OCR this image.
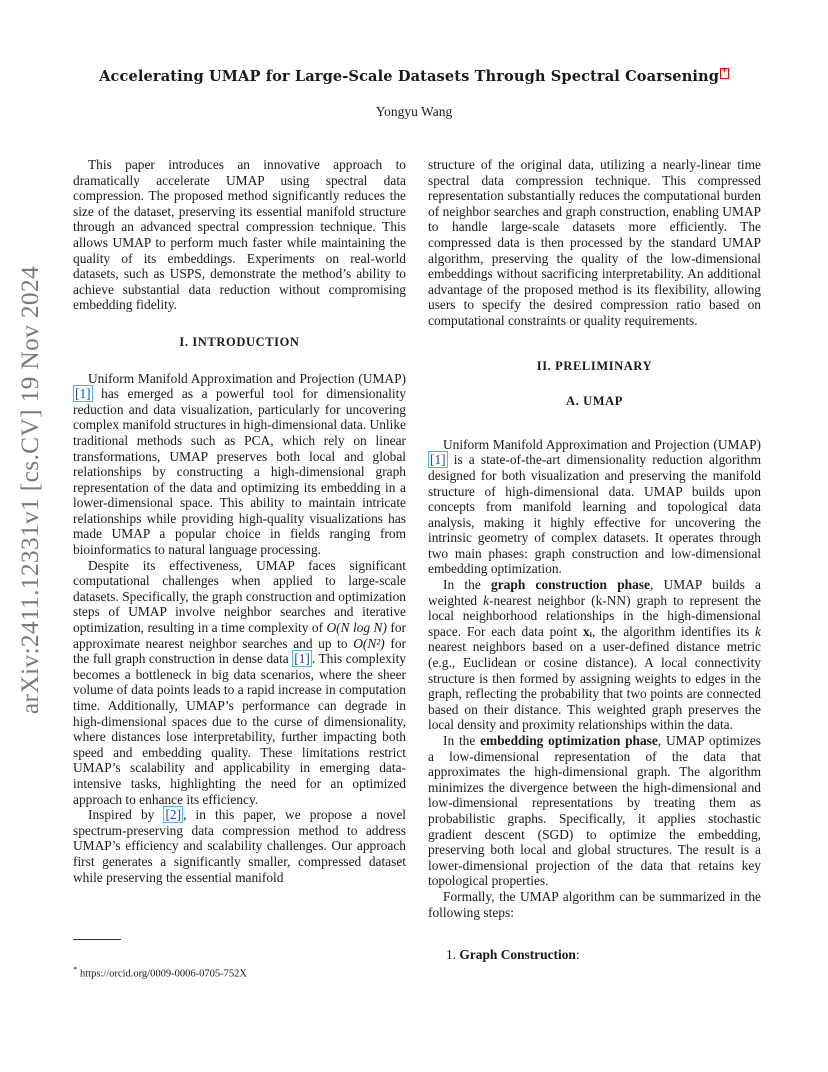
arXiv:2411.12331v1 [cs.CV] 19 Nov 2024
Accelerating UMAP for Large-Scale Datasets Through Spectral Coarsening *
Yongyu Wang

This paper introduces an innovative approach to dramatically accelerate UMAP using spectral data compression. The proposed method significantly reduces the size of the dataset, preserving its essential manifold structure through an advanced spectral compression technique. This allows UMAP to perform much faster while maintaining the quality of its embeddings. Experiments on real-world datasets, such as USPS, demonstrate the method’s ability to achieve substantial data reduction without compromising embedding fidelity.

I. INTRODUCTION

Uniform Manifold Approximation and Projection (UMAP) [1] has emerged as a powerful tool for dimensionality reduction and data visualization, particularly for uncovering complex manifold structures in high-dimensional data. Unlike traditional methods such as PCA, which rely on linear transformations, UMAP preserves both local and global relationships by constructing a high-dimensional graph representation of the data and optimizing its embedding in a lower-dimensional space. This ability to maintain intricate relationships while providing high-quality visualizations has made UMAP a popular choice in fields ranging from bioinformatics to natural language processing.

Despite its effectiveness, UMAP faces significant computational challenges when applied to large-scale datasets. Specifically, the graph construction and optimization steps of UMAP involve neighbor searches and iterative optimization, resulting in a time complexity of O(N log N) for approximate nearest neighbor searches and up to O(N²) for the full graph construction in dense data [1] . This complexity becomes a bottleneck in big data scenarios, where the sheer volume of data points leads to a rapid increase in computation time. Additionally, UMAP’s performance can degrade in high-dimensional spaces due to the curse of dimensionality, where distances lose interpretability, further impacting both speed and embedding quality. These limitations restrict UMAP’s scalability and applicability in emerging data-intensive tasks, highlighting the need for an optimized approach to enhance its efficiency.

Inspired by [2] , in this paper, we propose a novel spectrum-preserving data compression method to address UMAP’s efficiency and scalability challenges. Our approach first generates a significantly smaller, compressed dataset while preserving the essential manifold

structure of the original data, utilizing a nearly-linear time spectral data compression technique. This compressed representation substantially reduces the computational burden of neighbor searches and graph construction, enabling UMAP to handle large-scale datasets more efficiently. The compressed data is then processed by the standard UMAP algorithm, preserving the quality of the low-dimensional embeddings without sacrificing interpretability. An additional advantage of the proposed method is its flexibility, allowing users to specify the desired compression ratio based on computational constraints or quality requirements.

II. PRELIMINARY
A. UMAP

Uniform Manifold Approximation and Projection (UMAP) [1] is a state-of-the-art dimensionality reduction algorithm designed for both visualization and preserving the manifold structure of high-dimensional data. UMAP builds upon concepts from manifold learning and topological data analysis, making it highly effective for uncovering the intrinsic geometry of complex datasets. It operates through two main phases: graph construction and low-dimensional embedding optimization.

In the graph construction phase, UMAP builds a weighted k-nearest neighbor (k-NN) graph to represent the local neighborhood relationships in the high-dimensional space. For each data point xᵢ, the algorithm identifies its k nearest neighbors based on a user-defined distance metric (e.g., Euclidean or cosine distance). A local connectivity structure is then formed by assigning weights to edges in the graph, reflecting the probability that two points are connected based on their distance. This weighted graph preserves the local density and proximity relationships within the data.

In the embedding optimization phase, UMAP optimizes a low-dimensional representation of the data that approximates the high-dimensional graph. The algorithm minimizes the divergence between the high-dimensional and low-dimensional representations by treating them as probabilistic graphs. Specifically, it applies stochastic gradient descent (SGD) to optimize the embedding, preserving both local and global structures. The result is a lower-dimensional projection of the data that retains key topological properties.

Formally, the UMAP algorithm can be summarized in the following steps:

1. Graph Construction:
* https://orcid.org/0009-0006-0705-752X
